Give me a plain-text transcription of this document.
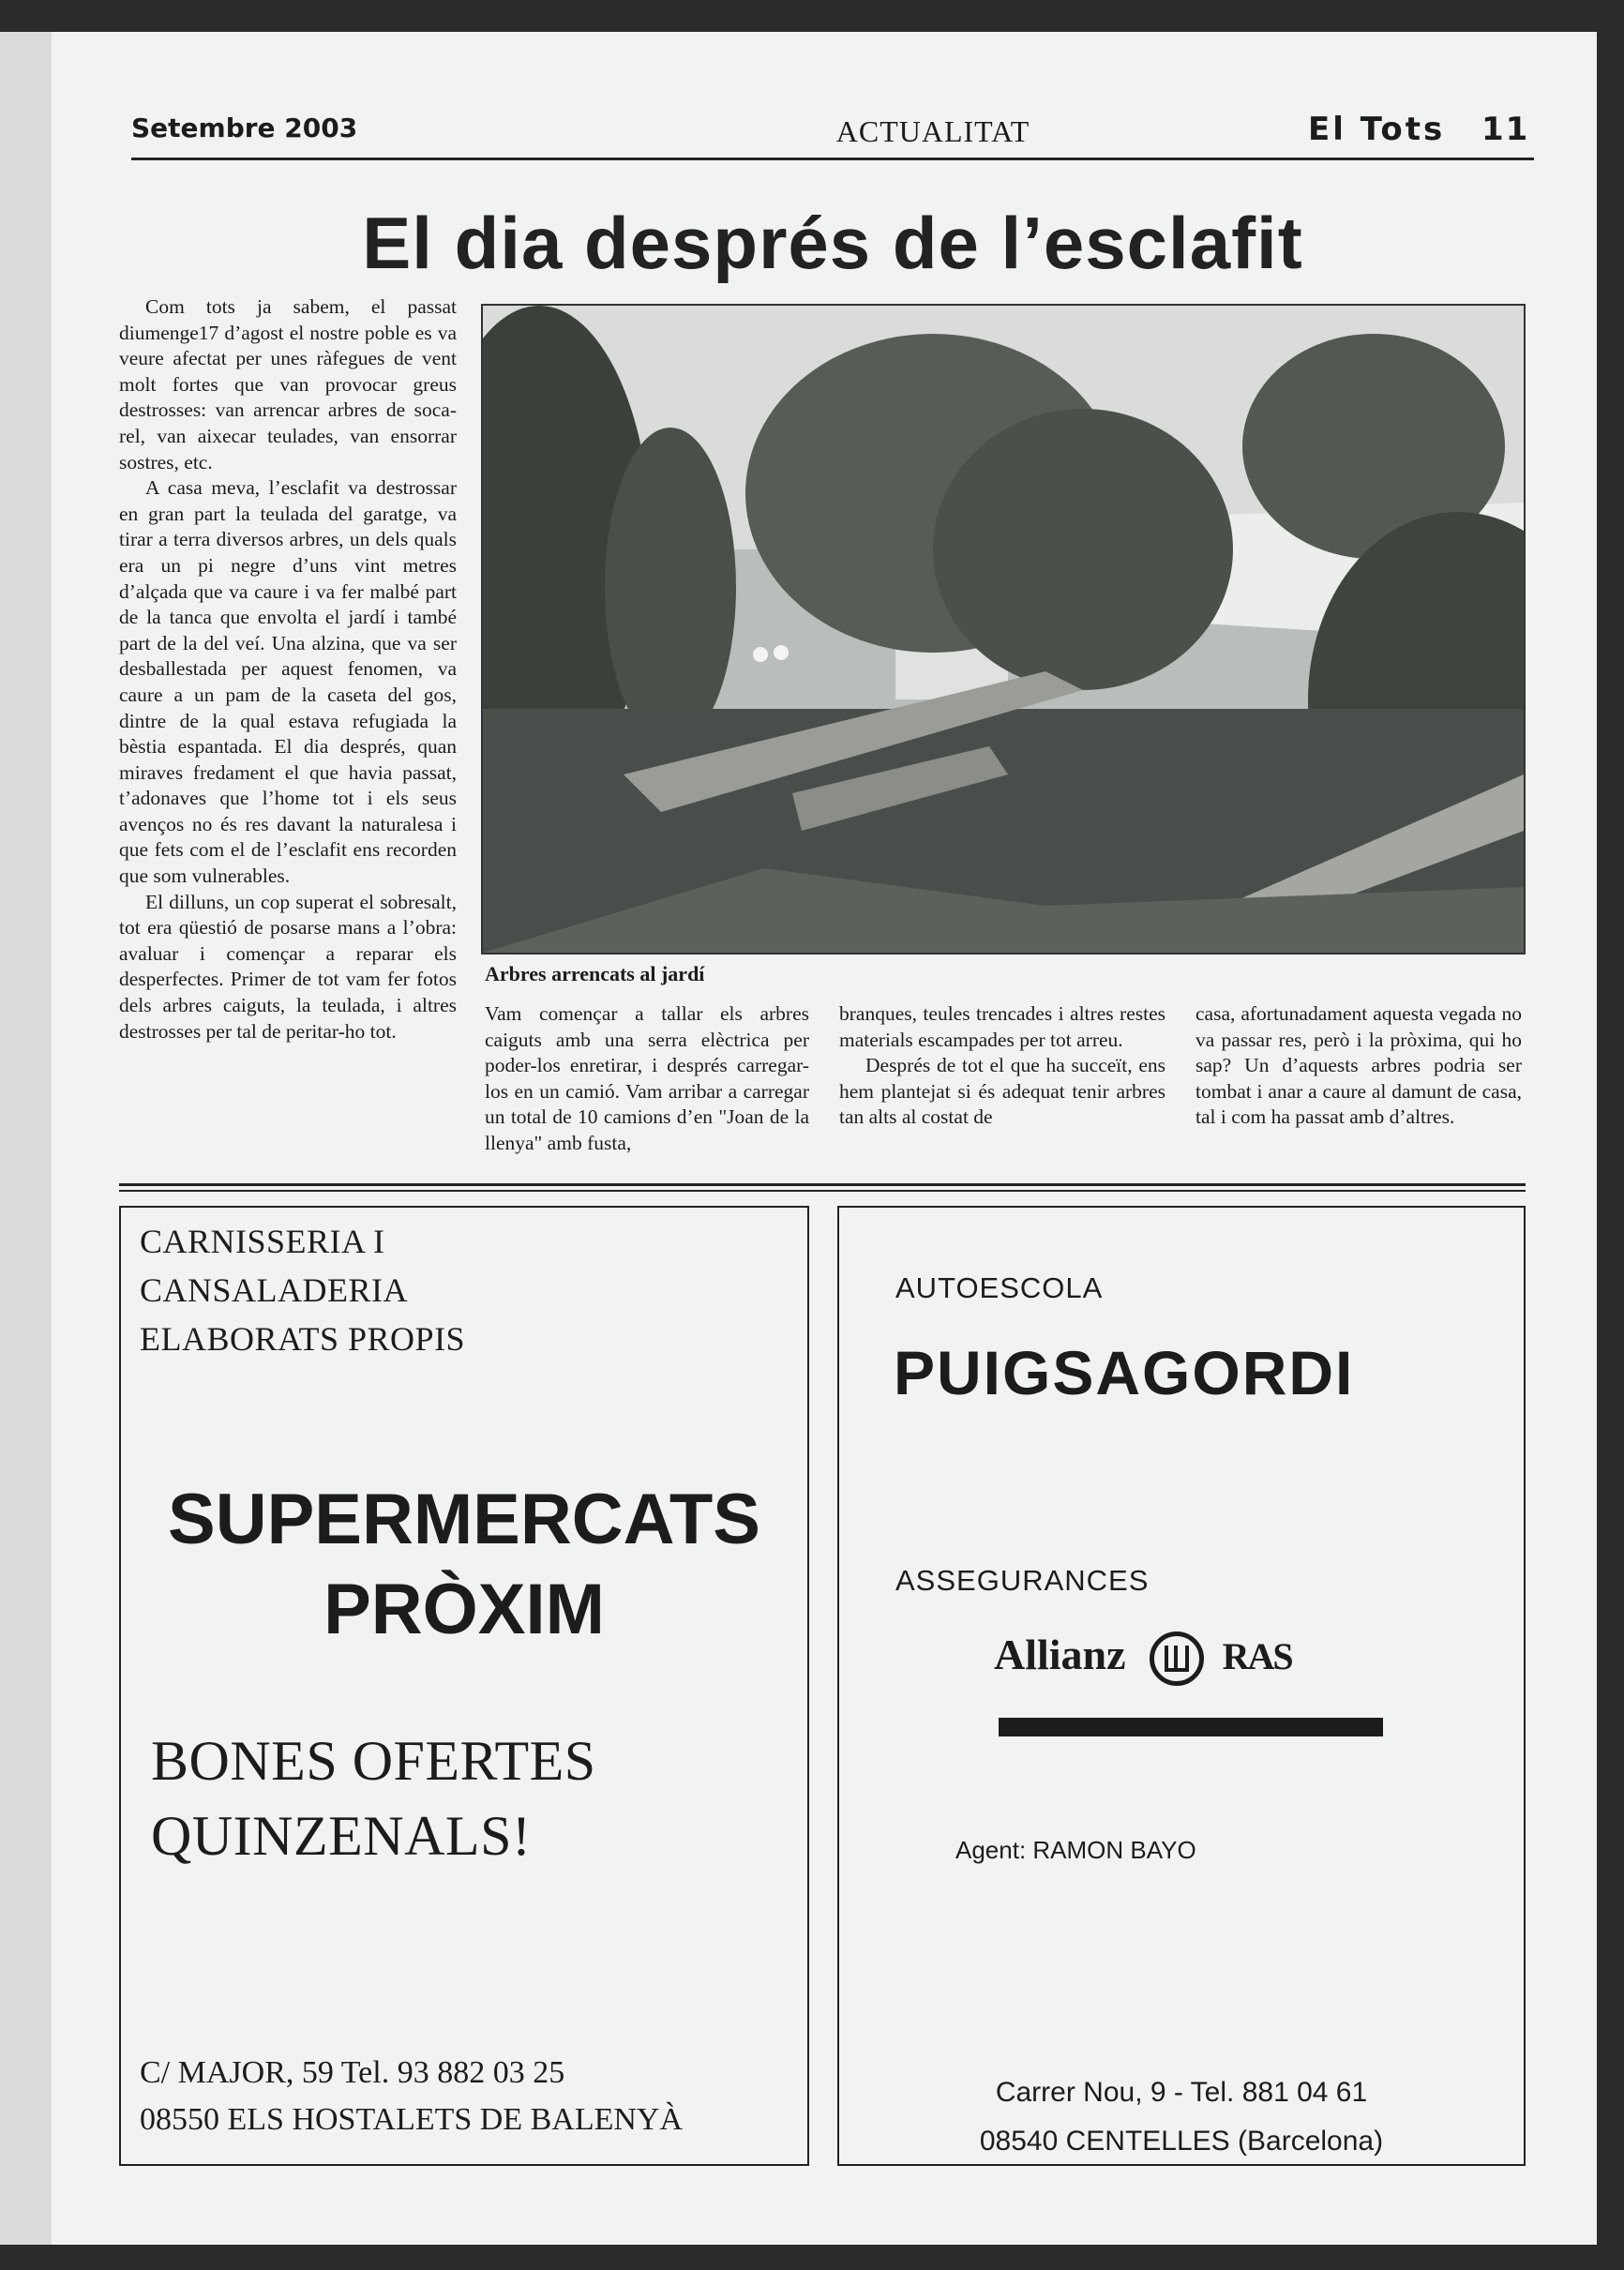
Setembre 2003	ACTUALITAT	El Tots 11
El dia després de l’esclafit

Com tots ja sabem, el passat diumenge17 d’agost el nostre poble es va veure afectat per unes ràfegues de vent molt fortes que van provocar greus destrosses: van arrencar arbres de soca-rel, van aixecar teulades, van ensorrar sostres, etc.

A casa meva, l’esclafit va destrossar en gran part la teulada del garatge, va tirar a terra diversos arbres, un dels quals era un pi negre d’uns vint metres d’alçada que va caure i va fer malbé part de la tanca que envolta el jardí i també part de la del veí. Una alzina, que va ser desballestada per aquest fenomen, va caure a un pam de la caseta del gos, dintre de la qual estava refugiada la bèstia espantada. El dia després, quan miraves fredament el que havia passat, t’adonaves que l’home tot i els seus avenços no és res davant la naturalesa i que fets com el de l’esclafit ens recorden que som vulnerables.

El dilluns, un cop superat el sobresalt, tot era qüestió de posarse mans a l’obra: avaluar i començar a reparar els desperfectes. Primer de tot vam fer fotos dels arbres caiguts, la teulada, i altres destrosses per tal de peritar-ho tot.

Arbres arrencats al jardí

Vam començar a tallar els arbres caiguts amb una serra elèctrica per poder-los enretirar, i després carregar-los en un camió. Vam arribar a carregar un total de 10 camions d’en "Joan de la llenya" amb fusta,

branques, teules trencades i altres restes materials escampades per tot arreu.

Després de tot el que ha succeït, ens hem plantejat si és adequat tenir arbres tan alts al costat de

casa, afortunadament aquesta vegada no va passar res, però i la pròxima, qui ho sap? Un d’aquests arbres podria ser tombat i anar a caure al damunt de casa, tal i com ha passat amb d’altres.

CARNISSERIA I
CANSALADERIA
ELABORATS PROPIS
SUPERMERCATS
PRÒXIM
BONES OFERTES
QUINZENALS!
C/ MAJOR, 59 Tel. 93 882 03 25
08550 ELS HOSTALETS DE BALENYÀ
AUTOESCOLA
PUIGSAGORDI
ASSEGURANCES
Allianz	RAS
Agent: RAMON BAYO
Carrer Nou, 9 - Tel. 881 04 61
08540 CENTELLES (Barcelona)
